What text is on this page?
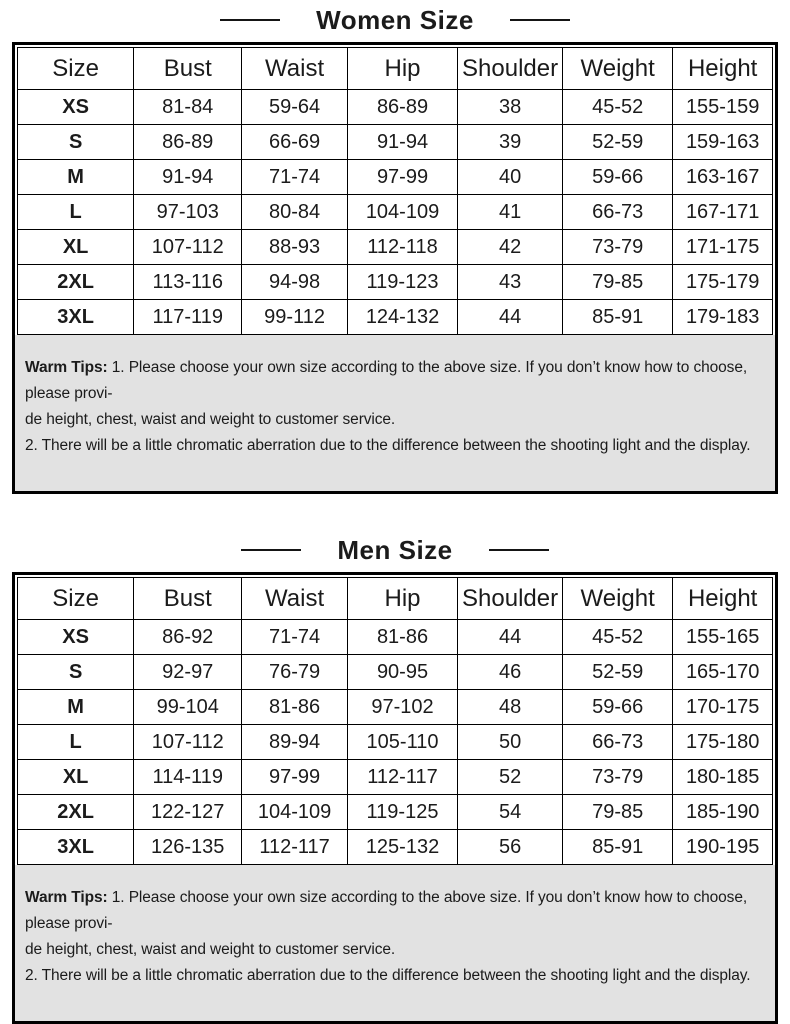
Women Size
Size	Bust	Waist	Hip	Shoulder	Weight	Height
XS	81-84	59-64	86-89	38	45-52	155-159
S	86-89	66-69	91-94	39	52-59	159-163
M	91-94	71-74	97-99	40	59-66	163-167
L	97-103	80-84	104-109	41	66-73	167-171
XL	107-112	88-93	112-118	42	73-79	171-175
2XL	113-116	94-98	119-123	43	79-85	175-179
3XL	117-119	99-112	124-132	44	85-91	179-183

Warm Tips: 1. Please choose your own size according to the above size. If you don’t know how to choose, please provi-

de height, chest, waist and weight to customer service.

2. There will be a little chromatic aberration due to the difference between the shooting light and the display.

Men Size
Size	Bust	Waist	Hip	Shoulder	Weight	Height
XS	86-92	71-74	81-86	44	45-52	155-165
S	92-97	76-79	90-95	46	52-59	165-170
M	99-104	81-86	97-102	48	59-66	170-175
L	107-112	89-94	105-110	50	66-73	175-180
XL	114-119	97-99	112-117	52	73-79	180-185
2XL	122-127	104-109	119-125	54	79-85	185-190
3XL	126-135	112-117	125-132	56	85-91	190-195

Warm Tips: 1. Please choose your own size according to the above size. If you don’t know how to choose, please provi-

de height, chest, waist and weight to customer service.

2. There will be a little chromatic aberration due to the difference between the shooting light and the display.
